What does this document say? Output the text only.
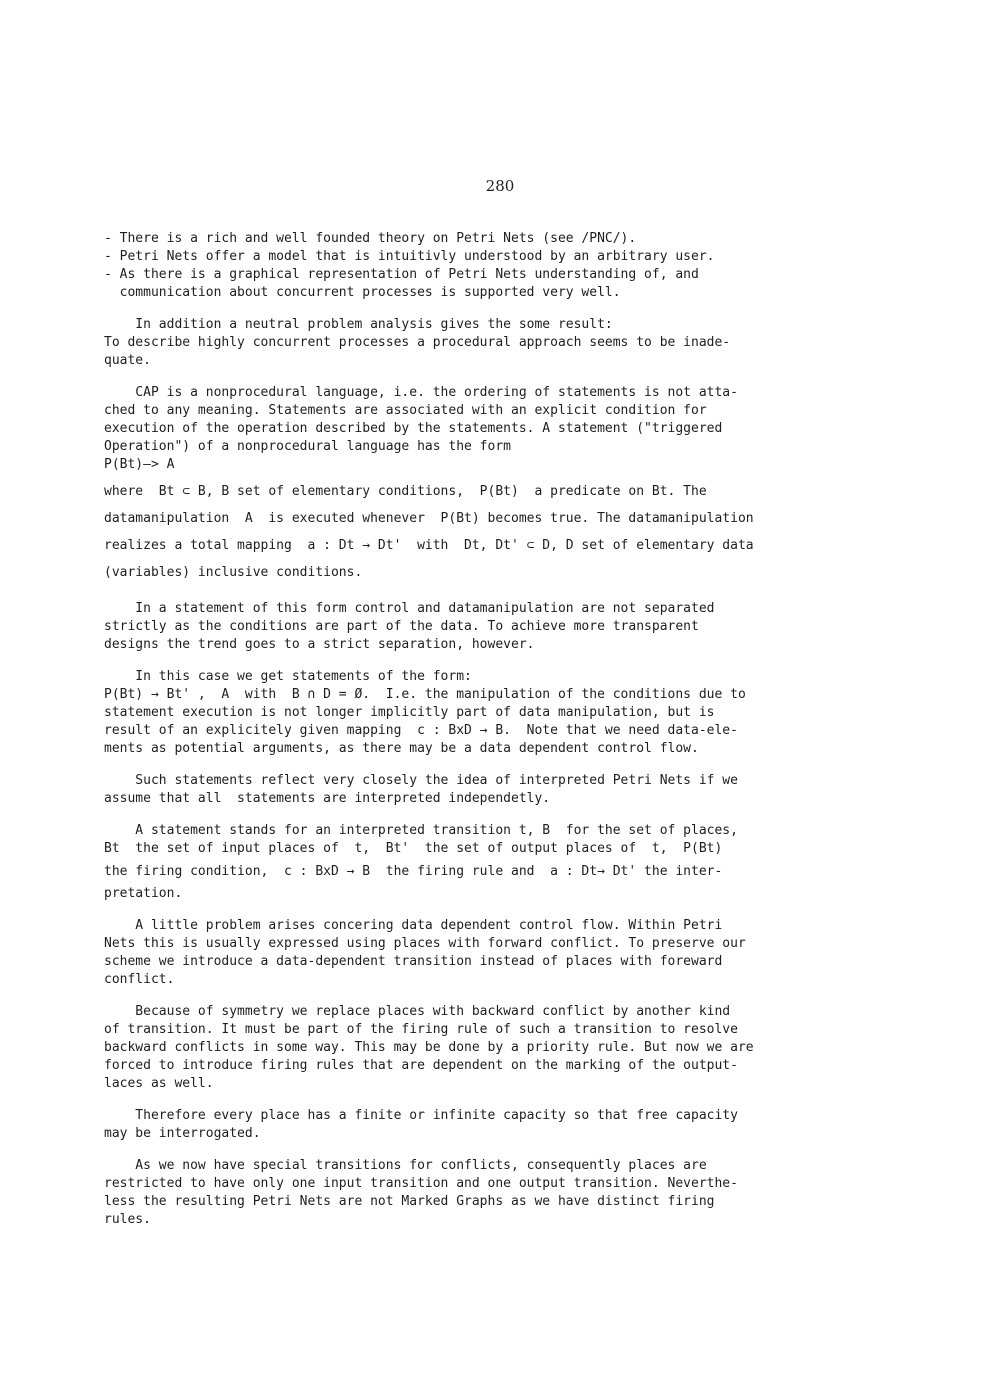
280
- There is a rich and well founded theory on Petri Nets (see /PNC/).
- Petri Nets offer a model that is intuitivly understood by an arbitrary user.
- As there is a graphical representation of Petri Nets understanding of, and
communication about concurrent processes is supported very well.
In addition a neutral problem analysis gives the some result:
To describe highly concurrent processes a procedural approach seems to be inade-
quate.
CAP is a nonprocedural language, i.e. the ordering of statements is not atta-
ched to any meaning. Statements are associated with an explicit condition for
execution of the operation described by the statements. A statement ("triggered
Operation") of a nonprocedural language has the form
P(Bt)—> A
where  Bt ⊂ B, B set of elementary conditions,  P(Bt)  a predicate on Bt. The
datamanipulation  A  is executed whenever  P(Bt) becomes true. The datamanipulation
realizes a total mapping  a : Dt → Dt'  with  Dt, Dt' ⊂ D, D set of elementary data
(variables) inclusive conditions.
In a statement of this form control and datamanipulation are not separated
strictly as the conditions are part of the data. To achieve more transparent
designs the trend goes to a strict separation, however.
In this case we get statements of the form:
P(Bt) → Bt' ,  A  with  B ∩ D = Ø.  I.e. the manipulation of the conditions due to
statement execution is not longer implicitly part of data manipulation, but is
result of an explicitely given mapping  c : BxD → B.  Note that we need data-ele-
ments as potential arguments, as there may be a data dependent control flow.
Such statements reflect very closely the idea of interpreted Petri Nets if we
assume that all  statements are interpreted independetly.
A statement stands for an interpreted transition t, B  for the set of places,
Bt  the set of input places of  t,  Bt'  the set of output places of  t,  P(Bt)
the firing condition,  c : BxD → B  the firing rule and  a : Dt→ Dt' the inter-
pretation.
A little problem arises concering data dependent control flow. Within Petri
Nets this is usually expressed using places with forward conflict. To preserve our
scheme we introduce a data-dependent transition instead of places with foreward
conflict.
Because of symmetry we replace places with backward conflict by another kind
of transition. It must be part of the firing rule of such a transition to resolve
backward conflicts in some way. This may be done by a priority rule. But now we are
forced to introduce firing rules that are dependent on the marking of the output-
laces as well.
Therefore every place has a finite or infinite capacity so that free capacity
may be interrogated.
As we now have special transitions for conflicts, consequently places are
restricted to have only one input transition and one output transition. Neverthe-
less the resulting Petri Nets are not Marked Graphs as we have distinct firing
rules.
